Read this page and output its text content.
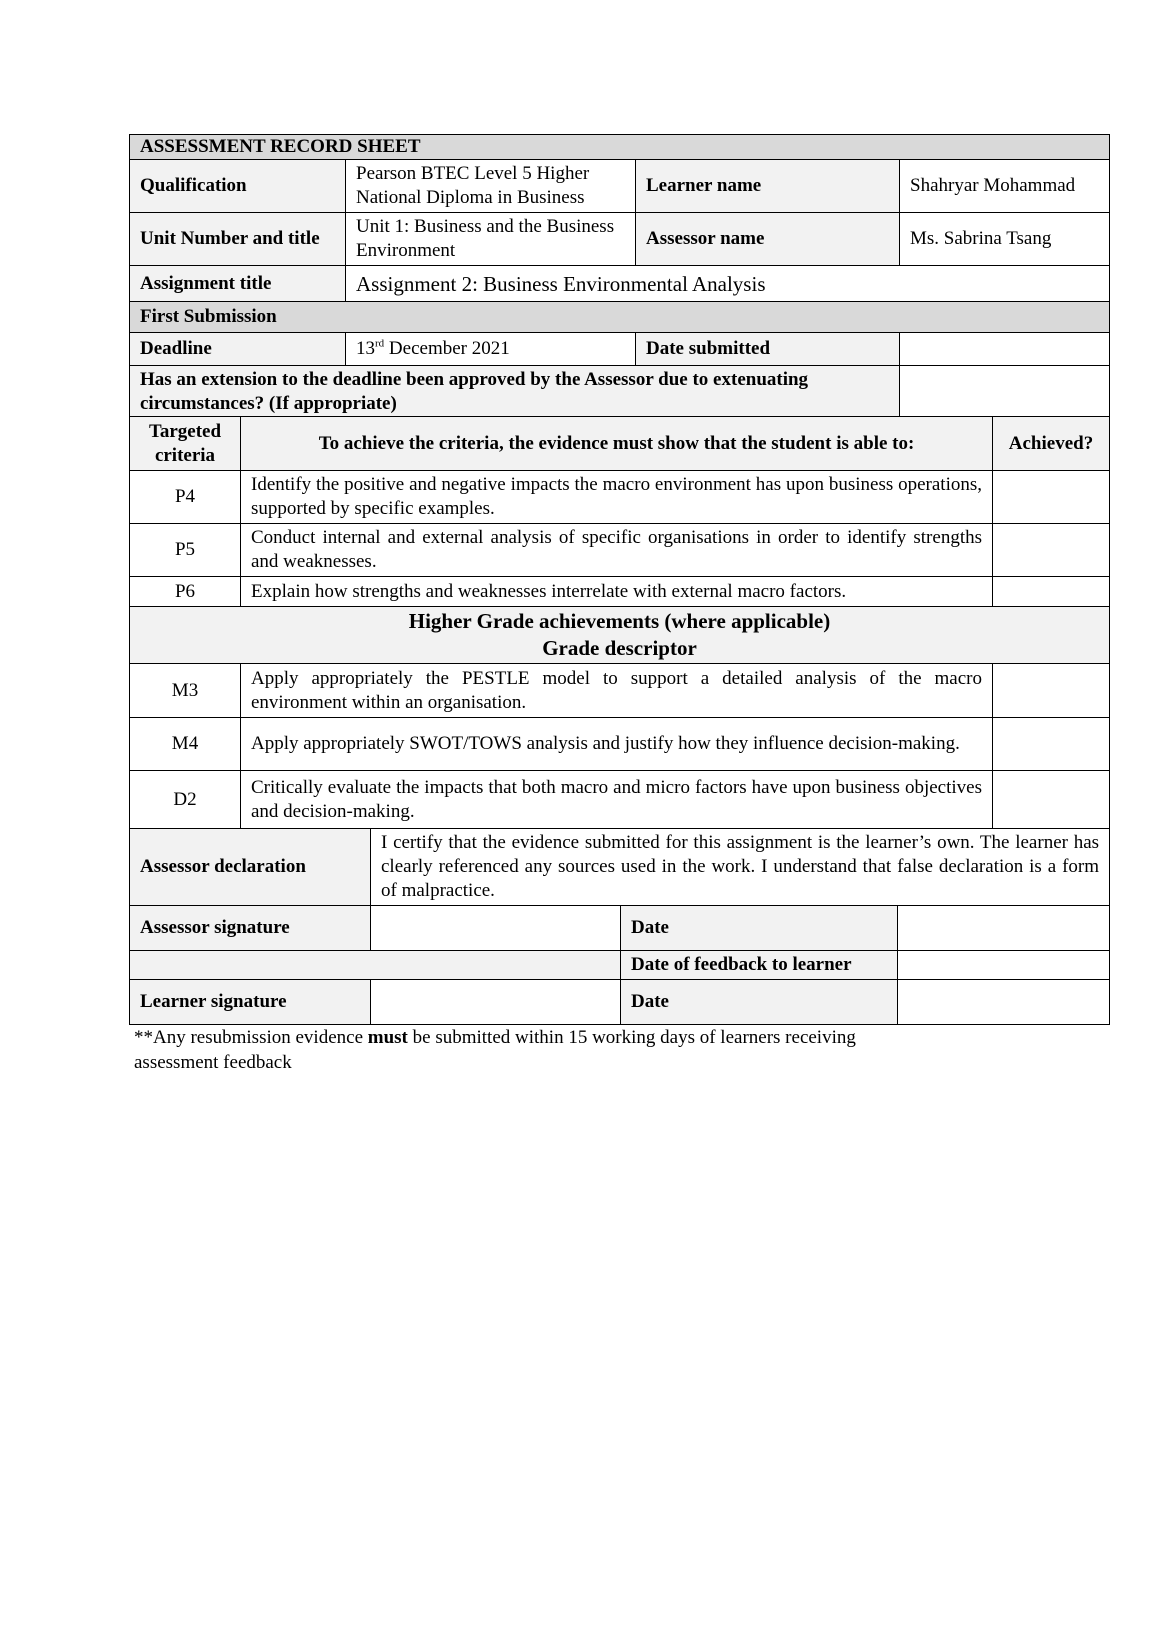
ASSESSMENT RECORD SHEET			
Qualification	Pearson BTEC Level 5 Higher National Diploma in Business	Learner name	Shahryar Mohammad
Unit Number and title	Unit 1: Business and the Business Environment	Assessor name	Ms. Sabrina Tsang
Assignment title	Assignment 2: Business Environmental Analysis		
First Submission			
Deadline	13rd December 2021	Date submitted	
Has an extension to the deadline been approved by the Assessor due to extenuating circumstances? (If appropriate)			
Targeted criteria	To achieve the criteria, the evidence must show that the student is able to:	Achieved?
P4	Identify the positive and negative impacts the macro environment has upon business operations, supported by specific examples.	
P5	Conduct internal and external analysis of specific organisations in order to identify strengths and weaknesses.	
P6	Explain how strengths and weaknesses interrelate with external macro factors.	

Higher Grade achievements (where applicable)
Grade descriptor		

M3	Apply appropriately the PESTLE model to support a detailed analysis of the macro environment within an organisation.	
M4	Apply appropriately SWOT/TOWS analysis and justify how they influence decision-making.	
D2	Critically evaluate the impacts that both macro and micro factors have upon business objectives and decision-making.	
Assessor declaration	I certify that the evidence submitted for this assignment is the learner’s own. The learner has clearly referenced any sources used in the work. I understand that false declaration is a form of malpractice.		
Assessor signature		Date	
		Date of feedback to learner	
Learner signature		Date	
**Any resubmission evidence must be submitted within 15 working days of learners receiving assessment feedback
